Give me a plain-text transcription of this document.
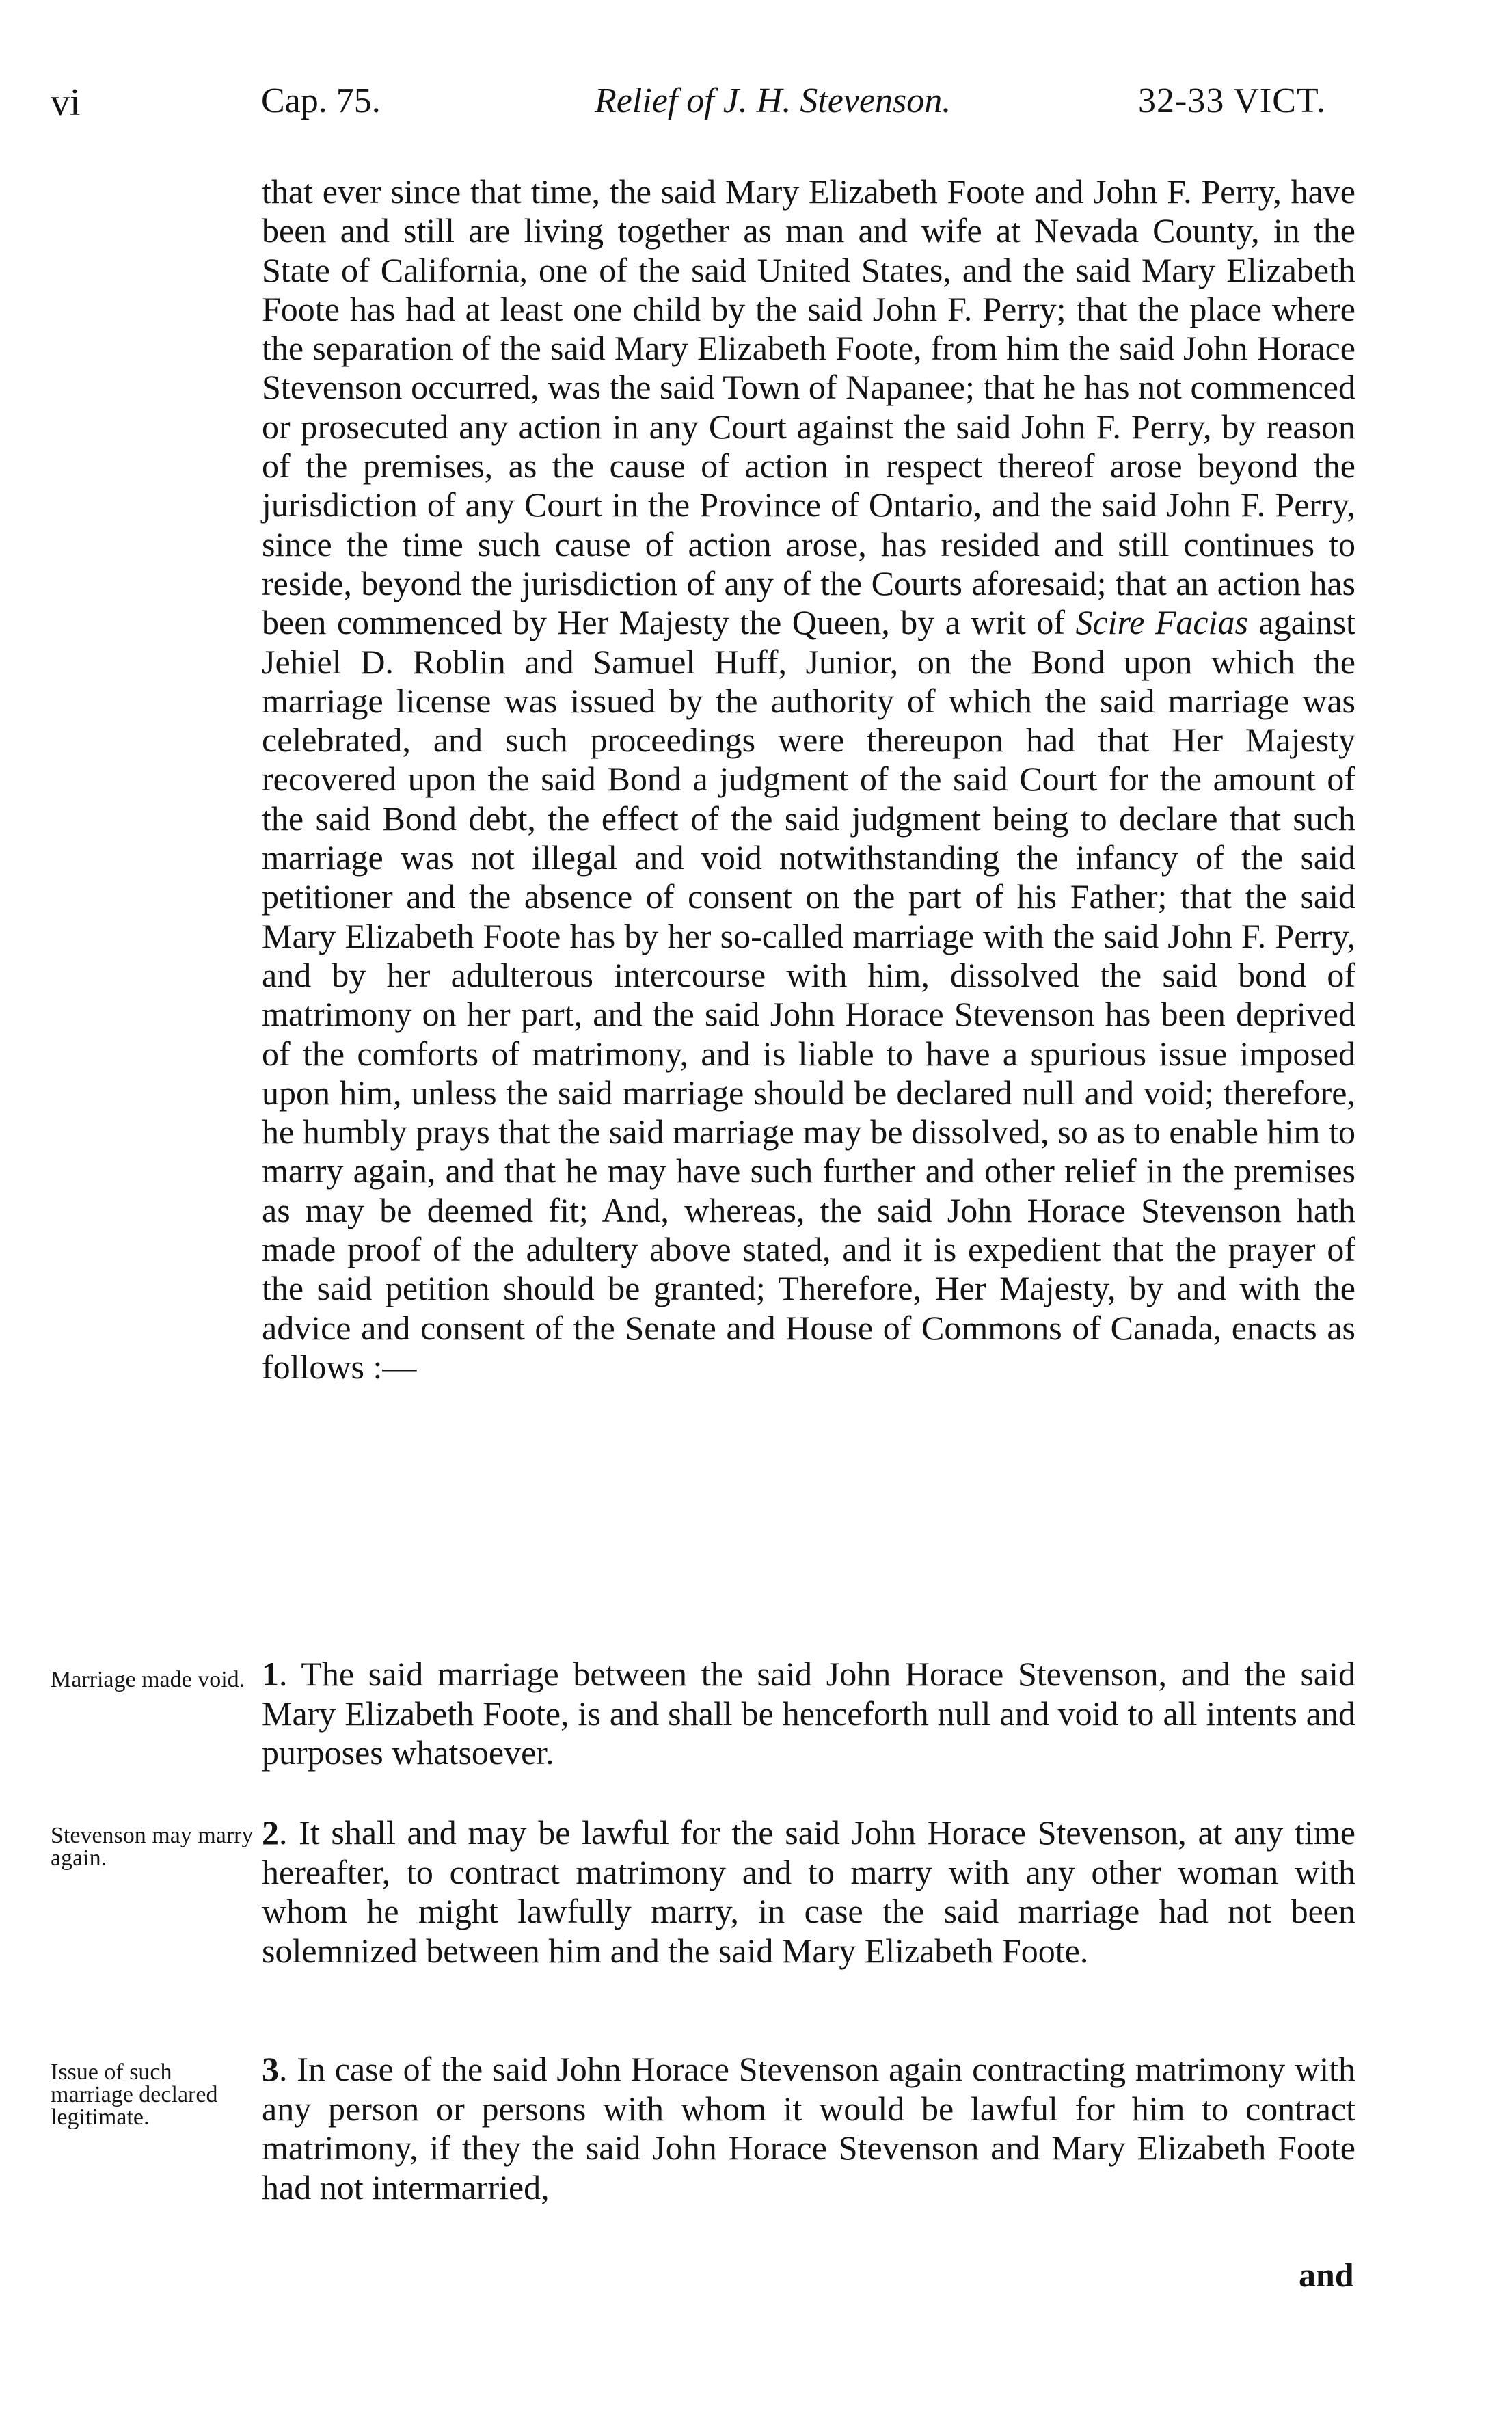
vi	Cap. 75.	Relief of J. H. Stevenson.	32-33 VICT.

that ever since that time, the said Mary Elizabeth Foote and John F. Perry, have been and still are living together as man and wife at Nevada County, in the State of California, one of the said United States, and the said Mary Elizabeth Foote has had at least one child by the said John F. Perry; that the place where the separation of the said Mary Elizabeth Foote, from him the said John Horace Stevenson occurred, was the said Town of Napanee; that he has not commenced or prosecuted any action in any Court against the said John F. Perry, by reason of the premises, as the cause of action in respect thereof arose beyond the jurisdiction of any Court in the Province of Ontario, and the said John F. Perry, since the time such cause of action arose, has resided and still continues to reside, beyond the jurisdiction of any of the Courts aforesaid; that an action has been commenced by Her Majesty the Queen, by a writ of Scire Facias against Jehiel D. Roblin and Samuel Huff, Junior, on the Bond upon which the marriage license was issued by the authority of which the said marriage was celebrated, and such proceedings were thereupon had that Her Majesty recovered upon the said Bond a judgment of the said Court for the amount of the said Bond debt, the effect of the said judgment being to declare that such marriage was not illegal and void notwithstanding the infancy of the said petitioner and the absence of consent on the part of his Father; that the said Mary Elizabeth Foote has by her so-called marriage with the said John F. Perry, and by her adulterous intercourse with him, dissolved the said bond of matrimony on her part, and the said John Horace Stevenson has been deprived of the comforts of matrimony, and is liable to have a spurious issue imposed upon him, unless the said marriage should be declared null and void; therefore, he humbly prays that the said marriage may be dissolved, so as to enable him to marry again, and that he may have such further and other relief in the premises as may be deemed fit; And, whereas, the said John Horace Stevenson hath made proof of the adultery above stated, and it is expedient that the prayer of the said petition should be granted; Therefore, Her Majesty, by and with the advice and consent of the Senate and House of Commons of Canada, enacts as follows :—

Marriage made void. 1. The said marriage between the said John Horace Stevenson, and the said Mary Elizabeth Foote, is and shall be henceforth null and void to all intents and purposes whatsoever.

Stevenson may marry again.

2. It shall and may be lawful for the said John Horace Stevenson, at any time hereafter, to contract matrimony and to marry with any other woman with whom he might lawfully marry, in case the said marriage had not been solemnized between him and the said Mary Elizabeth Foote.

Issue of such marriage declared legitimate.

3. In case of the said John Horace Stevenson again contracting matrimony with any person or persons with whom it would be lawful for him to contract matrimony, if they the said John Horace Stevenson and Mary Elizabeth Foote had not intermarried,

and
